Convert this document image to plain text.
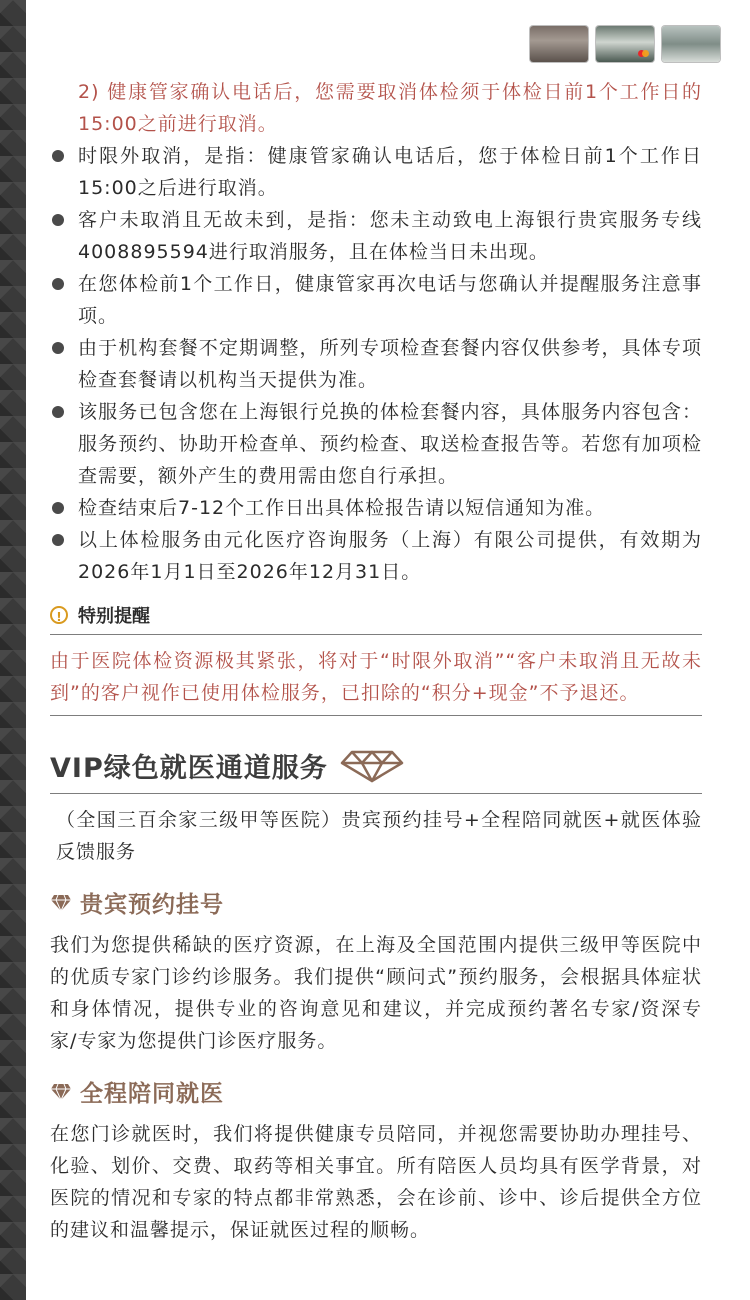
2) 健康管家确认电话后，您需要取消体检须于体检日前1个工作日的15:00之前进行取消。

时限外取消，是指：健康管家确认电话后，您于体检日前1个工作日15:00之后进行取消。
客户未取消且无故未到，是指：您未主动致电上海银行贵宾服务专线4008895594进行取消服务，且在体检当日未出现。
在您体检前1个工作日，健康管家再次电话与您确认并提醒服务注意事项。
由于机构套餐不定期调整，所列专项检查套餐内容仅供参考，具体专项检查套餐请以机构当天提供为准。
该服务已包含您在上海银行兑换的体检套餐内容，具体服务内容包含：服务预约、协助开检查单、预约检查、取送检查报告等。若您有加项检查需要，额外产生的费用需由您自行承担。
检查结束后7-12个工作日出具体检报告请以短信通知为准。
以上体检服务由元化医疗咨询服务（上海）有限公司提供，有效期为2026年1月1日至2026年12月31日。
! 特别提醒

由于医院体检资源极其紧张，将对于“时限外取消”“客户未取消且无故未到”的客户视作已使用体检服务，已扣除的“积分+现金”不予退还。

VIP绿色就医通道服务

（全国三百余家三级甲等医院）贵宾预约挂号+全程陪同就医+就医体验反馈服务

贵宾预约挂号

我们为您提供稀缺的医疗资源，在上海及全国范围内提供三级甲等医院中的优质专家门诊约诊服务。我们提供“顾问式”预约服务，会根据具体症状和身体情况，提供专业的咨询意见和建议，并完成预约著名专家/资深专家/专家为您提供门诊医疗服务。

全程陪同就医

在您门诊就医时，我们将提供健康专员陪同，并视您需要协助办理挂号、化验、划价、交费、取药等相关事宜。所有陪医人员均具有医学背景，对医院的情况和专家的特点都非常熟悉，会在诊前、诊中、诊后提供全方位的建议和温馨提示，保证就医过程的顺畅。
